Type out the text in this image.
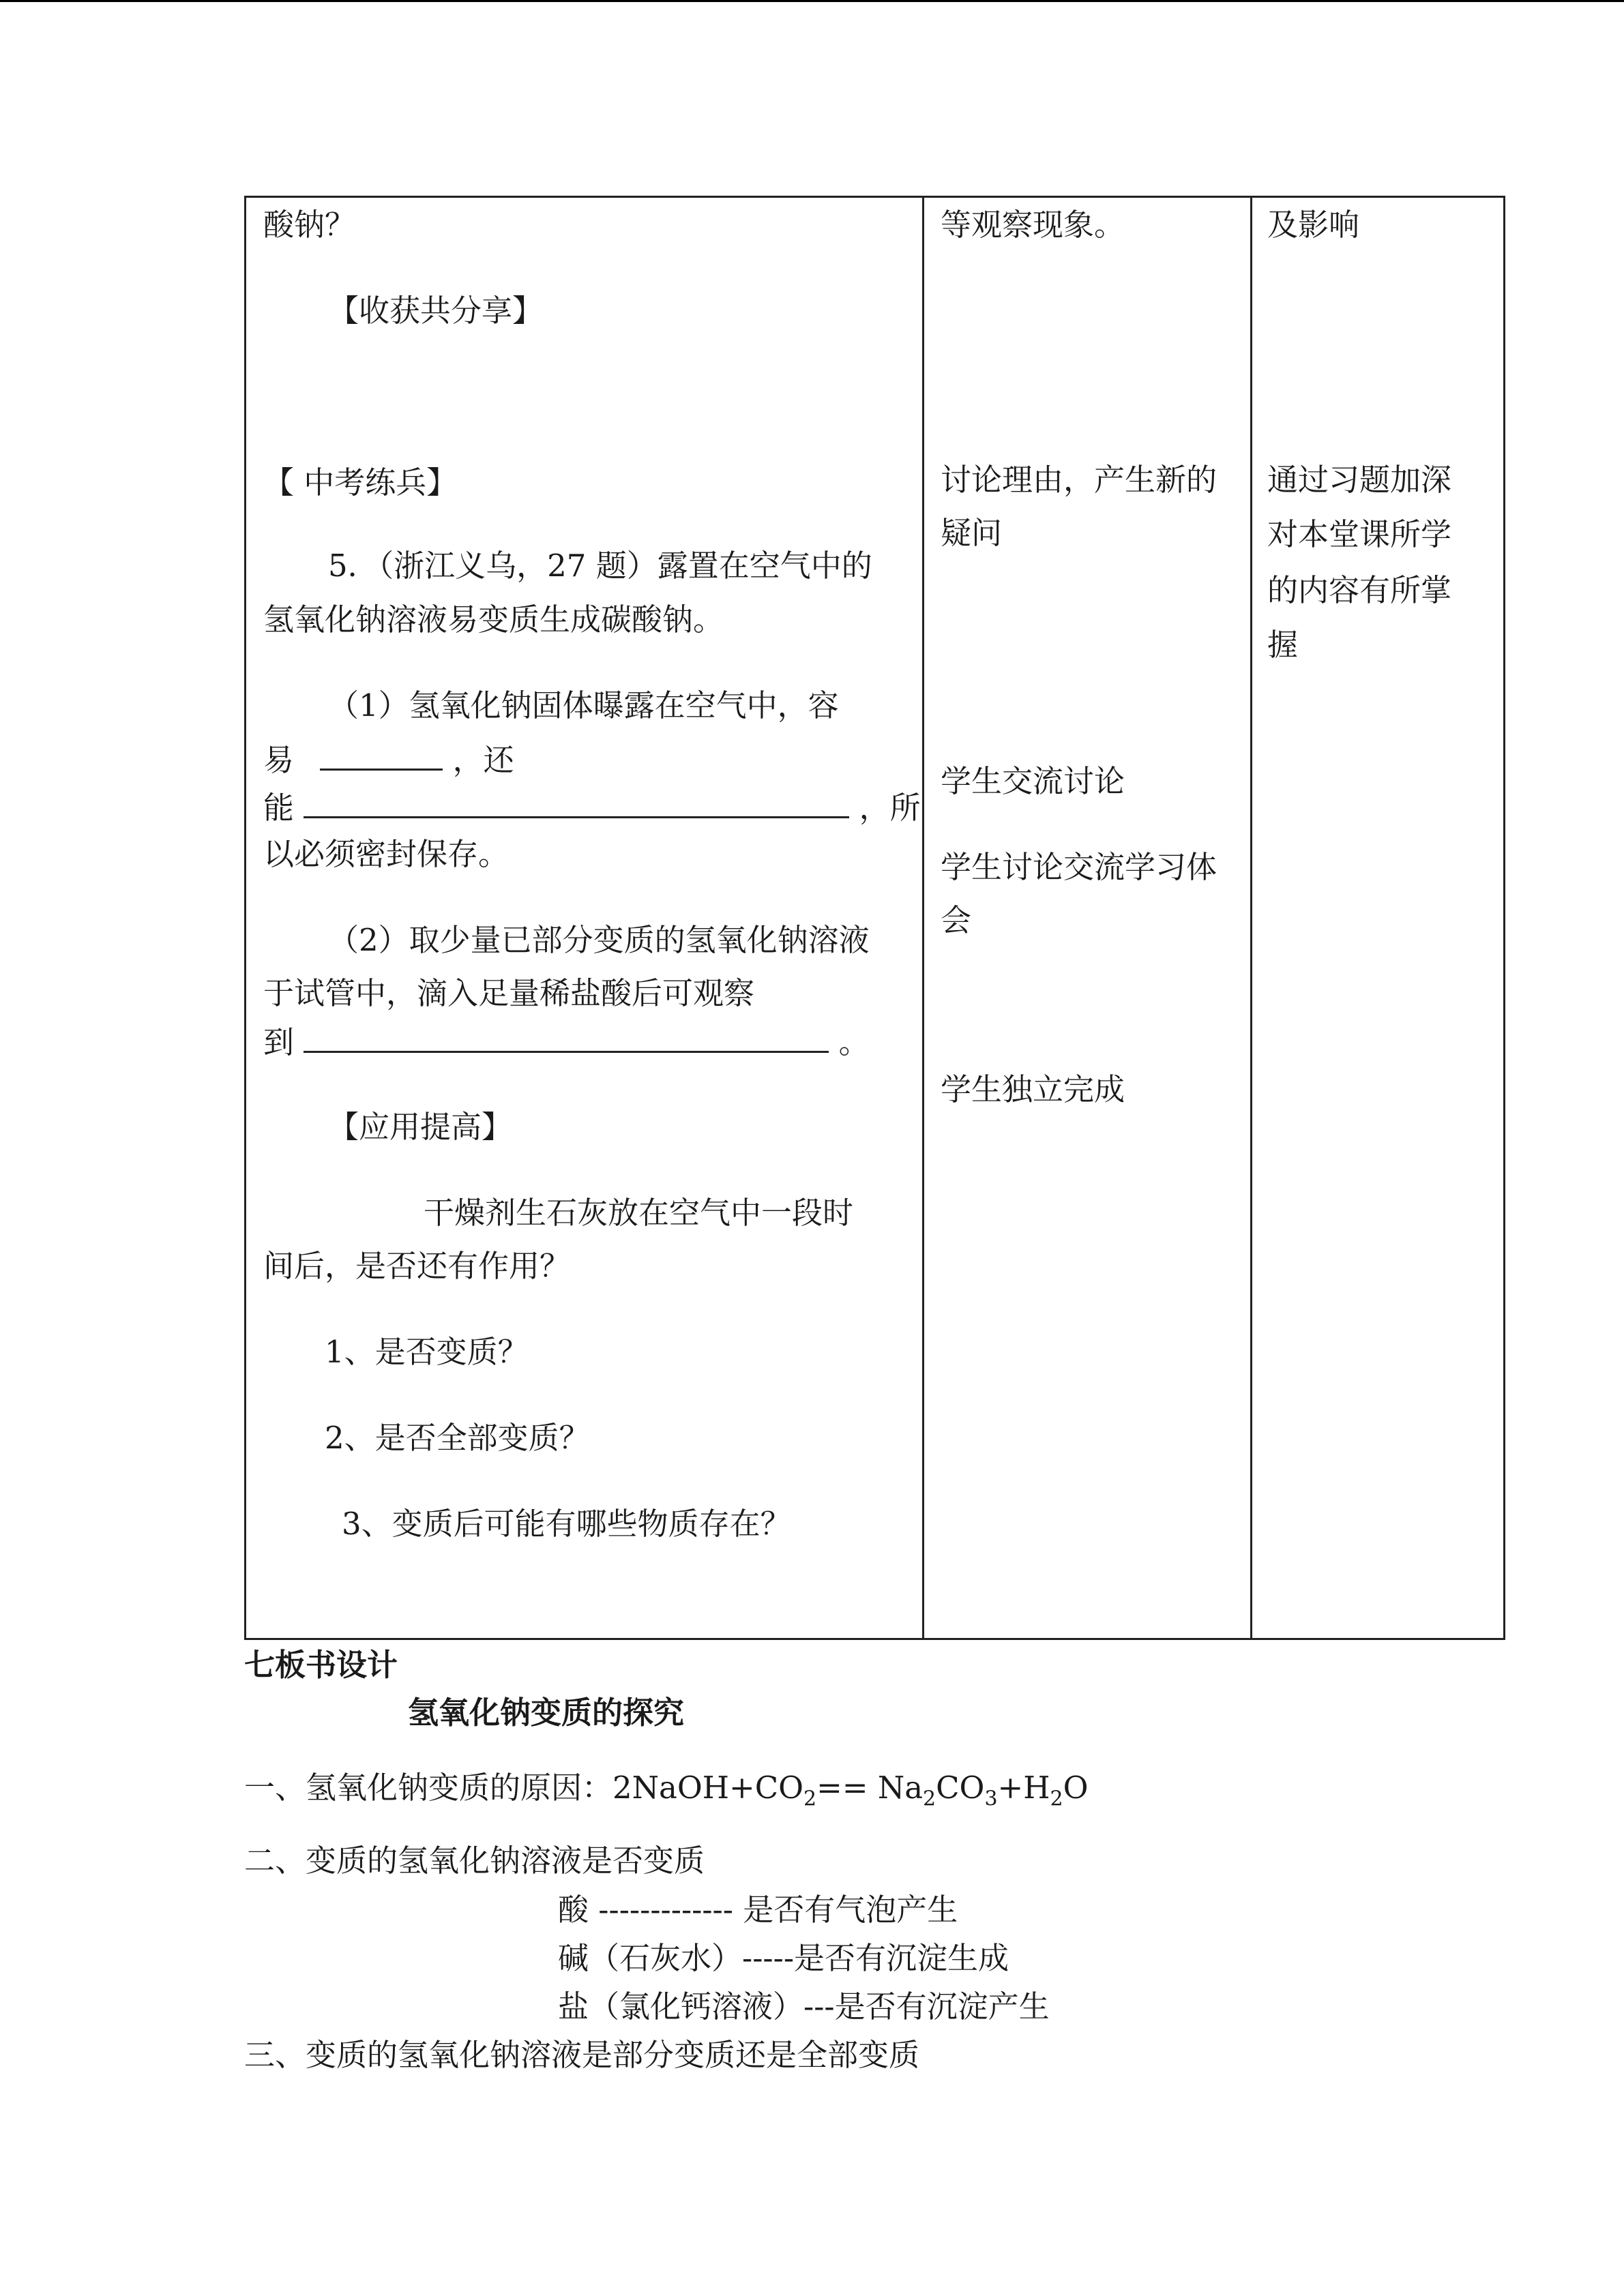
酸钠？
【收获共分享】
【 中考练兵】
5．（浙江义乌，27 题）露置在空气中的
氢氧化钠溶液易变质生成碳酸钠。
（1）氢氧化钠固体曝露在空气中，容
易	，还
能	，所
以必须密封保存。
（2）取少量已部分变质的氢氧化钠溶液
于试管中，滴入足量稀盐酸后可观察
到	。
【应用提高】
干燥剂生石灰放在空气中一段时
间后，是否还有作用？
1、是否变质？
2、是否全部变质？
3、变质后可能有哪些物质存在？

等观察现象。
讨论理由，产生新的
疑问
学生交流讨论
学生讨论交流学习体
会
学生独立完成

及影响
通过习题加深
对本堂课所学
的内容有所掌
握
七板书设计
氢氧化钠变质的探究
一、氢氧化钠变质的原因：$2NaOH+CO_2== Na_2CO_3+H_2O$
二、变质的氢氧化钠溶液是否变质
酸 ------------- 是否有气泡产生
碱（石灰水）-----是否有沉淀生成
盐（氯化钙溶液）---是否有沉淀产生
三、变质的氢氧化钠溶液是部分变质还是全部变质
